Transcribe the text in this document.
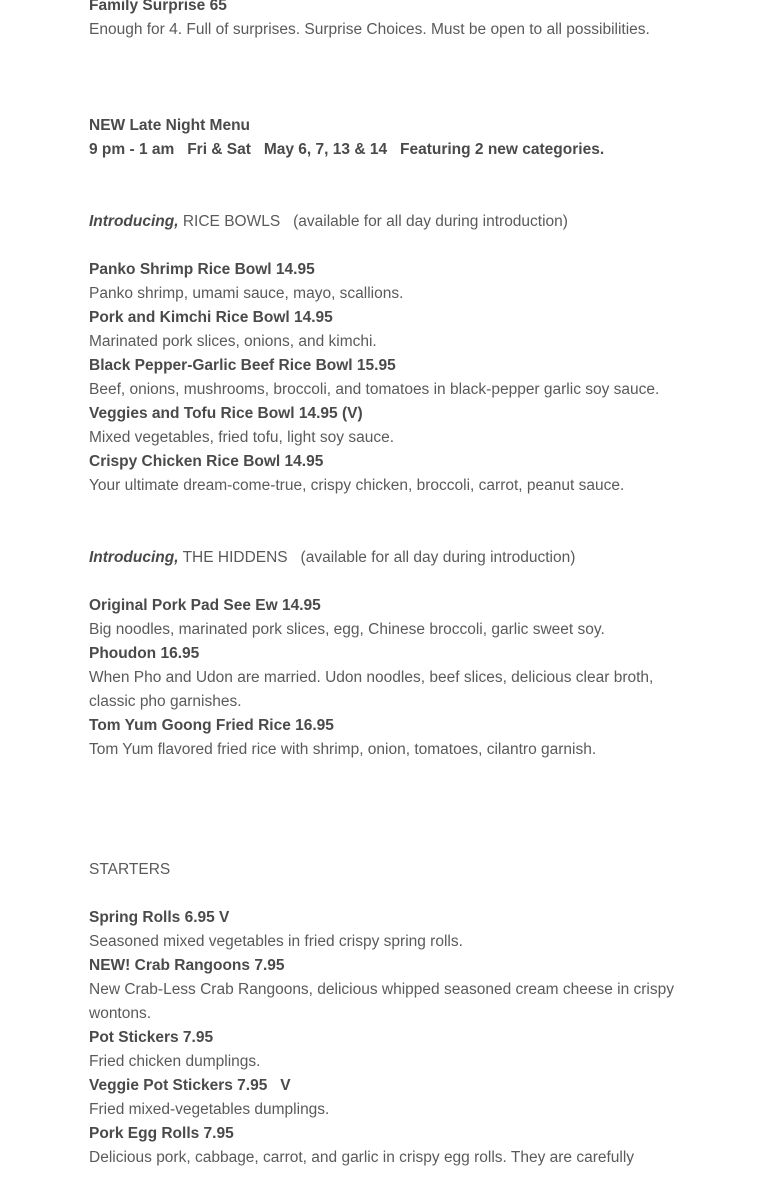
Family Surprise 65
Enough for 4. Full of surprises. Surprise Choices. Must be open to all possibilities.
NEW Late Night Menu
9 pm - 1 am   Fri & Sat   May 6, 7, 13 & 14   Featuring 2 new categories.
Introducing, RICE BOWLS   (available for all day during introduction)
Panko Shrimp Rice Bowl 14.95
Panko shrimp, umami sauce, mayo, scallions.
Pork and Kimchi Rice Bowl 14.95
Marinated pork slices, onions, and kimchi.
Black Pepper-Garlic Beef Rice Bowl 15.95
Beef, onions, mushrooms, broccoli, and tomatoes in black-pepper garlic soy sauce.
Veggies and Tofu Rice Bowl 14.95 (V)
Mixed vegetables, fried tofu, light soy sauce.
Crispy Chicken Rice Bowl 14.95
Your ultimate dream-come-true, crispy chicken, broccoli, carrot, peanut sauce.
Introducing, THE HIDDENS   (available for all day during introduction)
Original Pork Pad See Ew 14.95
Big noodles, marinated pork slices, egg, Chinese broccoli, garlic sweet soy.
Phoudon 16.95
When Pho and Udon are married. Udon noodles, beef slices, delicious clear broth, classic pho garnishes.
Tom Yum Goong Fried Rice 16.95
Tom Yum flavored fried rice with shrimp, onion, tomatoes, cilantro garnish.
STARTERS
Spring Rolls 6.95 V
Seasoned mixed vegetables in fried crispy spring rolls.
NEW! Crab Rangoons 7.95
New Crab-Less Crab Rangoons, delicious whipped seasoned cream cheese in crispy wontons.
Pot Stickers 7.95
Fried chicken dumplings.
Veggie Pot Stickers 7.95   V
Fried mixed-vegetables dumplings.
Pork Egg Rolls 7.95
Delicious pork, cabbage, carrot, and garlic in crispy egg rolls. They are carefully
